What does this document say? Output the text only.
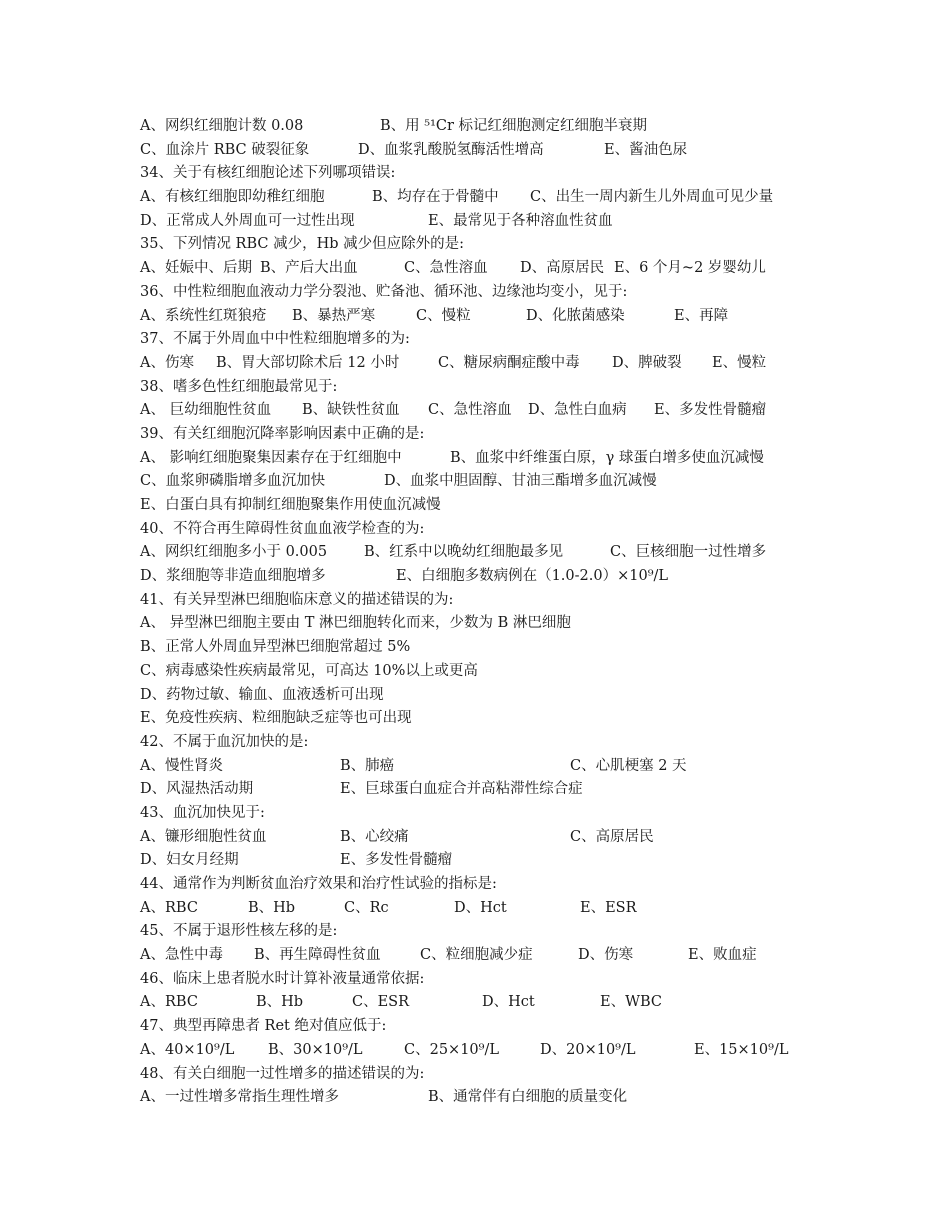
A、网织红细胞计数 0.08	B、用 ⁵¹Cr 标记红细胞测定红细胞半衰期
C、血涂片 RBC 破裂征象	D、血浆乳酸脱氢酶活性增高	E、酱油色尿
34、关于有核红细胞论述下列哪项错误:
A、有核红细胞即幼稚红细胞	B、均存在于骨髓中	C、出生一周内新生儿外周血可见少量
D、正常成人外周血可一过性出现	E、最常见于各种溶血性贫血
35、下列情况 RBC 减少，Hb 减少但应除外的是:
A、妊娠中、后期 B、产后大出血	C、急性溶血	D、高原居民 E、6 个月~2 岁婴幼儿
36、中性粒细胞血液动力学分裂池、贮备池、循环池、边缘池均变小，见于:
A、系统性红斑狼疮	B、暴热严寒	C、慢粒	D、化脓菌感染	E、再障
37、不属于外周血中中性粒细胞增多的为:
A、伤寒	B、胃大部切除术后 12 小时	C、糖尿病酮症酸中毒	D、脾破裂	E、慢粒
38、嗜多色性红细胞最常见于:
A、 巨幼细胞性贫血	B、缺铁性贫血	C、急性溶血	D、急性白血病	E、多发性骨髓瘤
39、有关红细胞沉降率影响因素中正确的是:
A、 影响红细胞聚集因素存在于红细胞中	B、血浆中纤维蛋白原，γ 球蛋白增多使血沉减慢
C、血浆卵磷脂增多血沉加快	D、血浆中胆固醇、甘油三酯增多血沉减慢
E、白蛋白具有抑制红细胞聚集作用使血沉减慢
40、不符合再生障碍性贫血血液学检查的为:
A、网织红细胞多小于 0.005	B、红系中以晚幼红细胞最多见	C、巨核细胞一过性增多
D、浆细胞等非造血细胞增多	E、白细胞多数病例在（1.0-2.0）×10⁹/L
41、有关异型淋巴细胞临床意义的描述错误的为:
A、 异型淋巴细胞主要由 T 淋巴细胞转化而来，少数为 B 淋巴细胞
B、正常人外周血异型淋巴细胞常超过 5%
C、病毒感染性疾病最常见，可高达 10%以上或更高
D、药物过敏、输血、血液透析可出现
E、免疫性疾病、粒细胞缺乏症等也可出现
42、不属于血沉加快的是:
A、慢性肾炎	B、肺癌	C、心肌梗塞 2 天
D、风湿热活动期	E、巨球蛋白血症合并高粘滞性综合症
43、血沉加快见于:
A、镰形细胞性贫血	B、心绞痛	C、高原居民
D、妇女月经期	E、多发性骨髓瘤
44、通常作为判断贫血治疗效果和治疗性试验的指标是:
A、RBC	B、Hb	C、Rc	D、Hct	E、ESR
45、不属于退形性核左移的是:
A、急性中毒	B、再生障碍性贫血	C、粒细胞减少症	D、伤寒	E、败血症
46、临床上患者脱水时计算补液量通常依据:
A、RBC	B、Hb	C、ESR	D、Hct	E、WBC
47、典型再障患者 Ret 绝对值应低于:
A、40×10⁹/L	B、30×10⁹/L	C、25×10⁹/L	D、20×10⁹/L	E、15×10⁹/L
48、有关白细胞一过性增多的描述错误的为:
A、一过性增多常指生理性增多	B、通常伴有白细胞的质量变化
